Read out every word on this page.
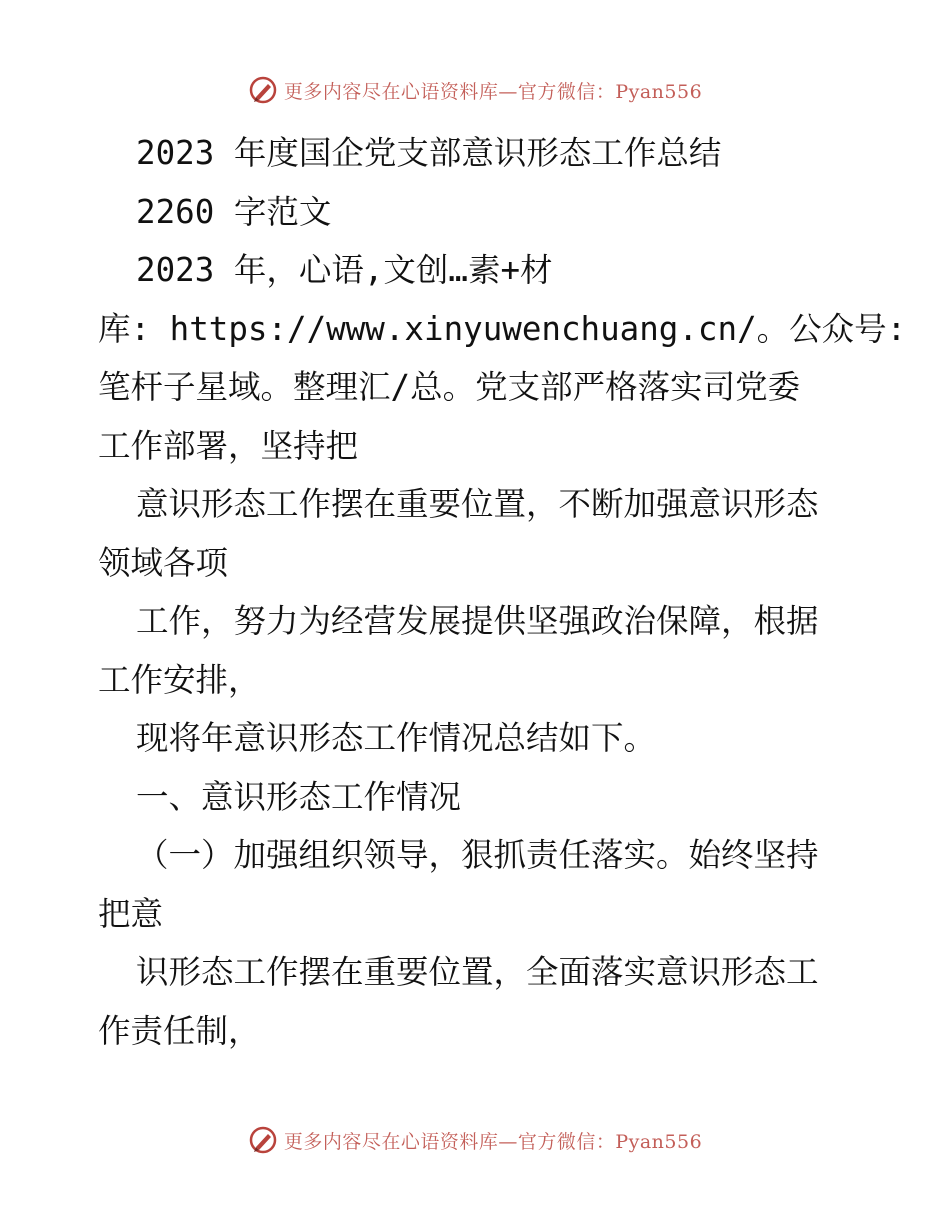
更多内容尽在心语资料库—官方微信：Pyan556
2023 年度国企党支部意识形态工作总结
2260 字范文
2023 年，心语,文创…素+材
库: https://www.xinyuwenchuang.cn/。公众号:
笔杆子星域。整理汇/总。党支部严格落实司党委
工作部署，坚持把
意识形态工作摆在重要位置，不断加强意识形态
领域各项
工作，努力为经营发展提供坚强政治保障，根据
工作安排，
现将年意识形态工作情况总结如下。
一、意识形态工作情况
（一）加强组织领导，狠抓责任落实。始终坚持
把意
识形态工作摆在重要位置，全面落实意识形态工
作责任制，
更多内容尽在心语资料库—官方微信：Pyan556
